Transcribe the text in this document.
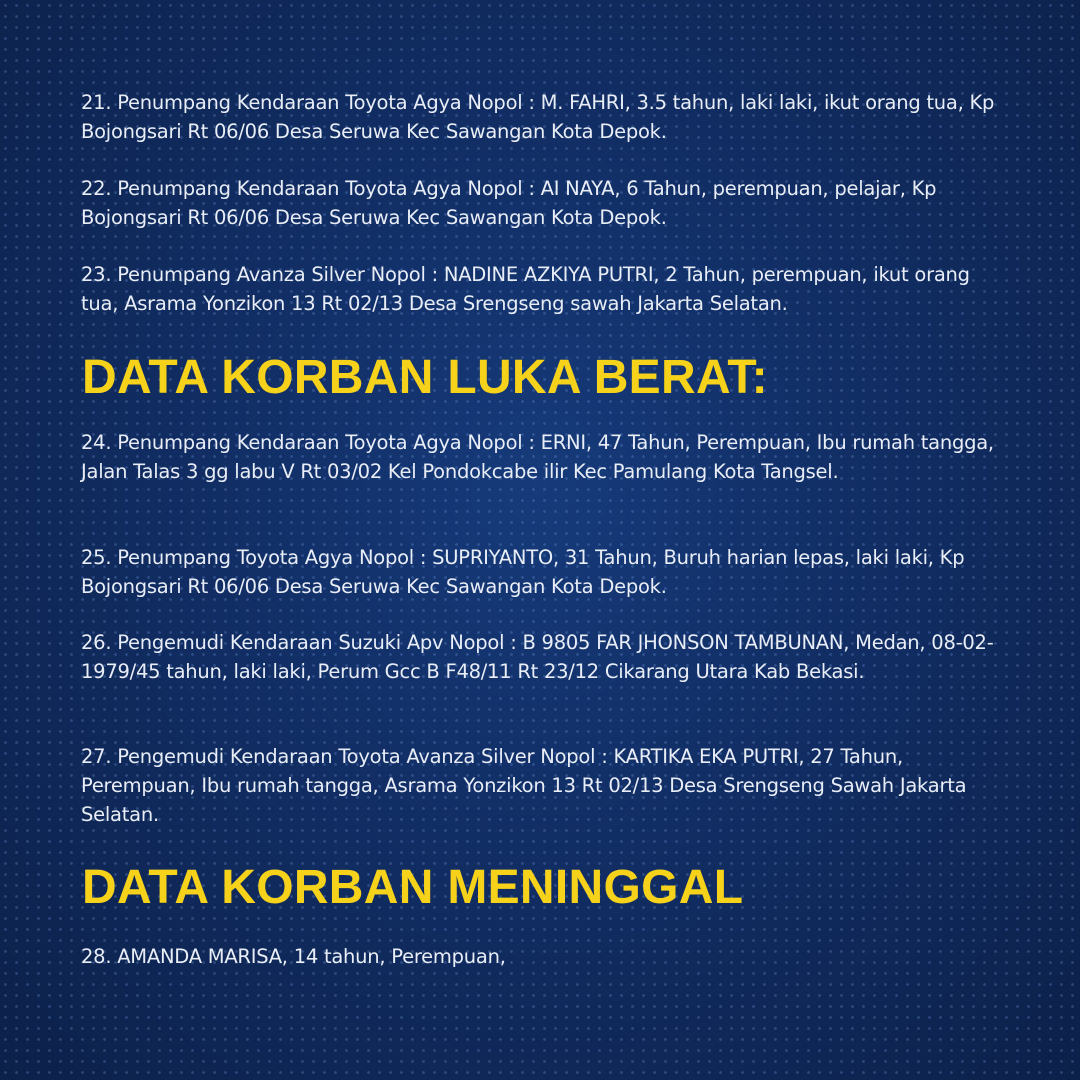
21. Penumpang Kendaraan Toyota Agya Nopol : M. FAHRI, 3.5 tahun, laki laki, ikut orang tua, Kp Bojongsari Rt 06/06 Desa Seruwa Kec Sawangan Kota Depok.

22. Penumpang Kendaraan Toyota Agya Nopol : AI NAYA, 6 Tahun, perempuan, pelajar, Kp Bojongsari Rt 06/06 Desa Seruwa Kec Sawangan Kota Depok.

23. Penumpang Avanza Silver Nopol : NADINE AZKIYA PUTRI, 2 Tahun, perempuan, ikut orang tua, Asrama Yonzikon 13 Rt 02/13 Desa Srengseng sawah Jakarta Selatan.

DATA KORBAN LUKA BERAT:

24. Penumpang Kendaraan Toyota Agya Nopol : ERNI, 47 Tahun, Perempuan, Ibu rumah tangga, Jalan Talas 3 gg labu V Rt 03/02 Kel Pondokcabe ilir Kec Pamulang Kota Tangsel.

25. Penumpang Toyota Agya Nopol : SUPRIYANTO, 31 Tahun, Buruh harian lepas, laki laki, Kp Bojongsari Rt 06/06 Desa Seruwa Kec Sawangan Kota Depok.

26. Pengemudi Kendaraan Suzuki Apv Nopol : B 9805 FAR JHONSON TAMBUNAN, Medan, 08-02-1979/45 tahun, laki laki, Perum Gcc B F48/11 Rt 23/12 Cikarang Utara Kab Bekasi.

27. Pengemudi Kendaraan Toyota Avanza Silver Nopol : KARTIKA EKA PUTRI, 27 Tahun, Perempuan, Ibu rumah tangga, Asrama Yonzikon 13 Rt 02/13 Desa Srengseng Sawah Jakarta Selatan.

DATA KORBAN MENINGGAL

28. AMANDA MARISA, 14 tahun, Perempuan,
